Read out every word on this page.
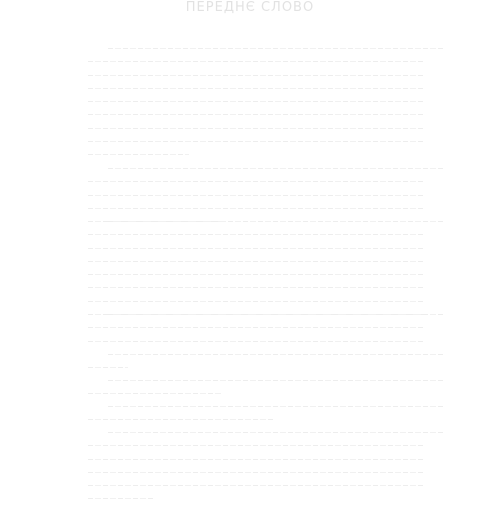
ПЕРЕДНЄ СЛОВО
